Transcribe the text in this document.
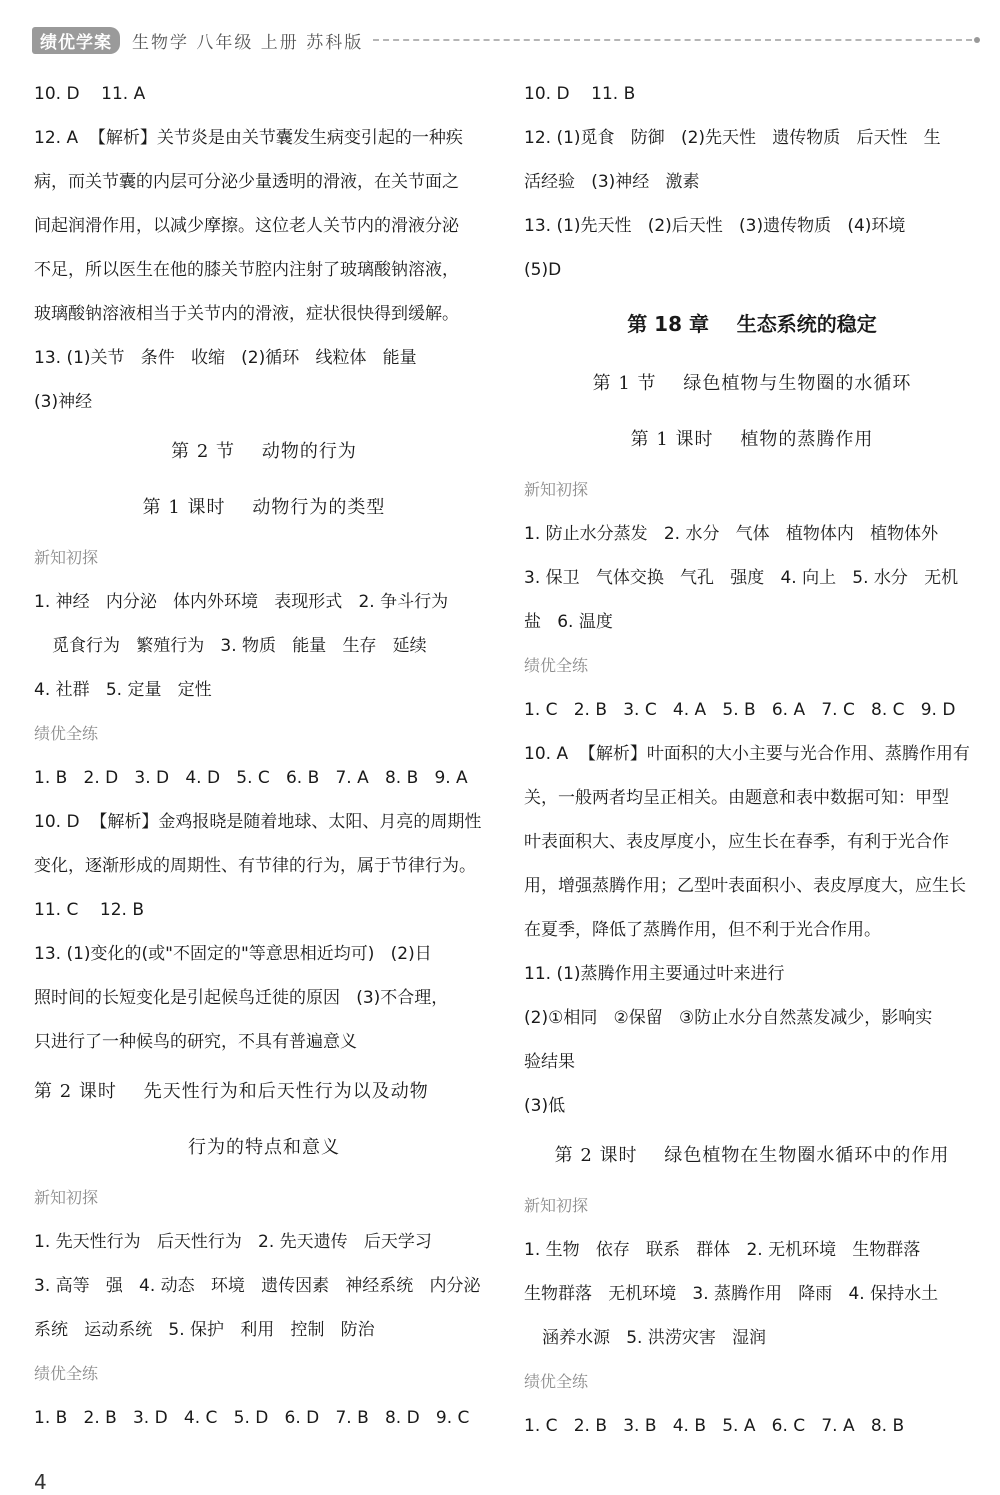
绩优学案	生物学 八年级 上册 苏科版
10. D    11. A
12. A  【解析】关节炎是由关节囊发生病变引起的一种疾
病，而关节囊的内层可分泌少量透明的滑液，在关节面之
间起润滑作用，以减少摩擦。这位老人关节内的滑液分泌
不足，所以医生在他的膝关节腔内注射了玻璃酸钠溶液，
玻璃酸钠溶液相当于关节内的滑液，症状很快得到缓解。
13. (1)关节   条件   收缩   (2)循环   线粒体   能量
(3)神经
第 2 节    动物的行为
第 1 课时    动物行为的类型
新知初探
1. 神经   内分泌   体内外环境   表现形式   2. 争斗行为
觅食行为   繁殖行为   3. 物质   能量   生存   延续
4. 社群   5. 定量   定性
绩优全练
1. B   2. D   3. D   4. D   5. C   6. B   7. A   8. B   9. A
10. D  【解析】金鸡报晓是随着地球、太阳、月亮的周期性
变化，逐渐形成的周期性、有节律的行为，属于节律行为。
11. C    12. B
13. (1)变化的(或"不固定的"等意思相近均可)   (2)日
照时间的长短变化是引起候鸟迁徙的原因   (3)不合理，
只进行了一种候鸟的研究，不具有普遍意义
第 2 课时    先天性行为和后天性行为以及动物
行为的特点和意义
新知初探
1. 先天性行为   后天性行为   2. 先天遗传   后天学习
3. 高等   强   4. 动态   环境   遗传因素   神经系统   内分泌
系统   运动系统   5. 保护   利用   控制   防治
绩优全练
1. B   2. B   3. D   4. C   5. D   6. D   7. B   8. D   9. C
10. D    11. B
12. (1)觅食   防御   (2)先天性   遗传物质   后天性   生
活经验   (3)神经   激素
13. (1)先天性   (2)后天性   (3)遗传物质   (4)环境
(5)D
第 18 章    生态系统的稳定
第 1 节    绿色植物与生物圈的水循环
第 1 课时    植物的蒸腾作用
新知初探
1. 防止水分蒸发   2. 水分   气体   植物体内   植物体外
3. 保卫   气体交换   气孔   强度   4. 向上   5. 水分   无机
盐   6. 温度
绩优全练
1. C   2. B   3. C   4. A   5. B   6. A   7. C   8. C   9. D
10. A  【解析】叶面积的大小主要与光合作用、蒸腾作用有
关，一般两者均呈正相关。由题意和表中数据可知：甲型
叶表面积大、表皮厚度小，应生长在春季，有利于光合作
用，增强蒸腾作用；乙型叶表面积小、表皮厚度大，应生长
在夏季，降低了蒸腾作用，但不利于光合作用。
11. (1)蒸腾作用主要通过叶来进行
(2)①相同   ②保留   ③防止水分自然蒸发减少，影响实
验结果
(3)低
第 2 课时    绿色植物在生物圈水循环中的作用
新知初探
1. 生物   依存   联系   群体   2. 无机环境   生物群落
生物群落   无机环境   3. 蒸腾作用   降雨   4. 保持水土
涵养水源   5. 洪涝灾害   湿润
绩优全练
1. C   2. B   3. B   4. B   5. A   6. C   7. A   8. B
4
